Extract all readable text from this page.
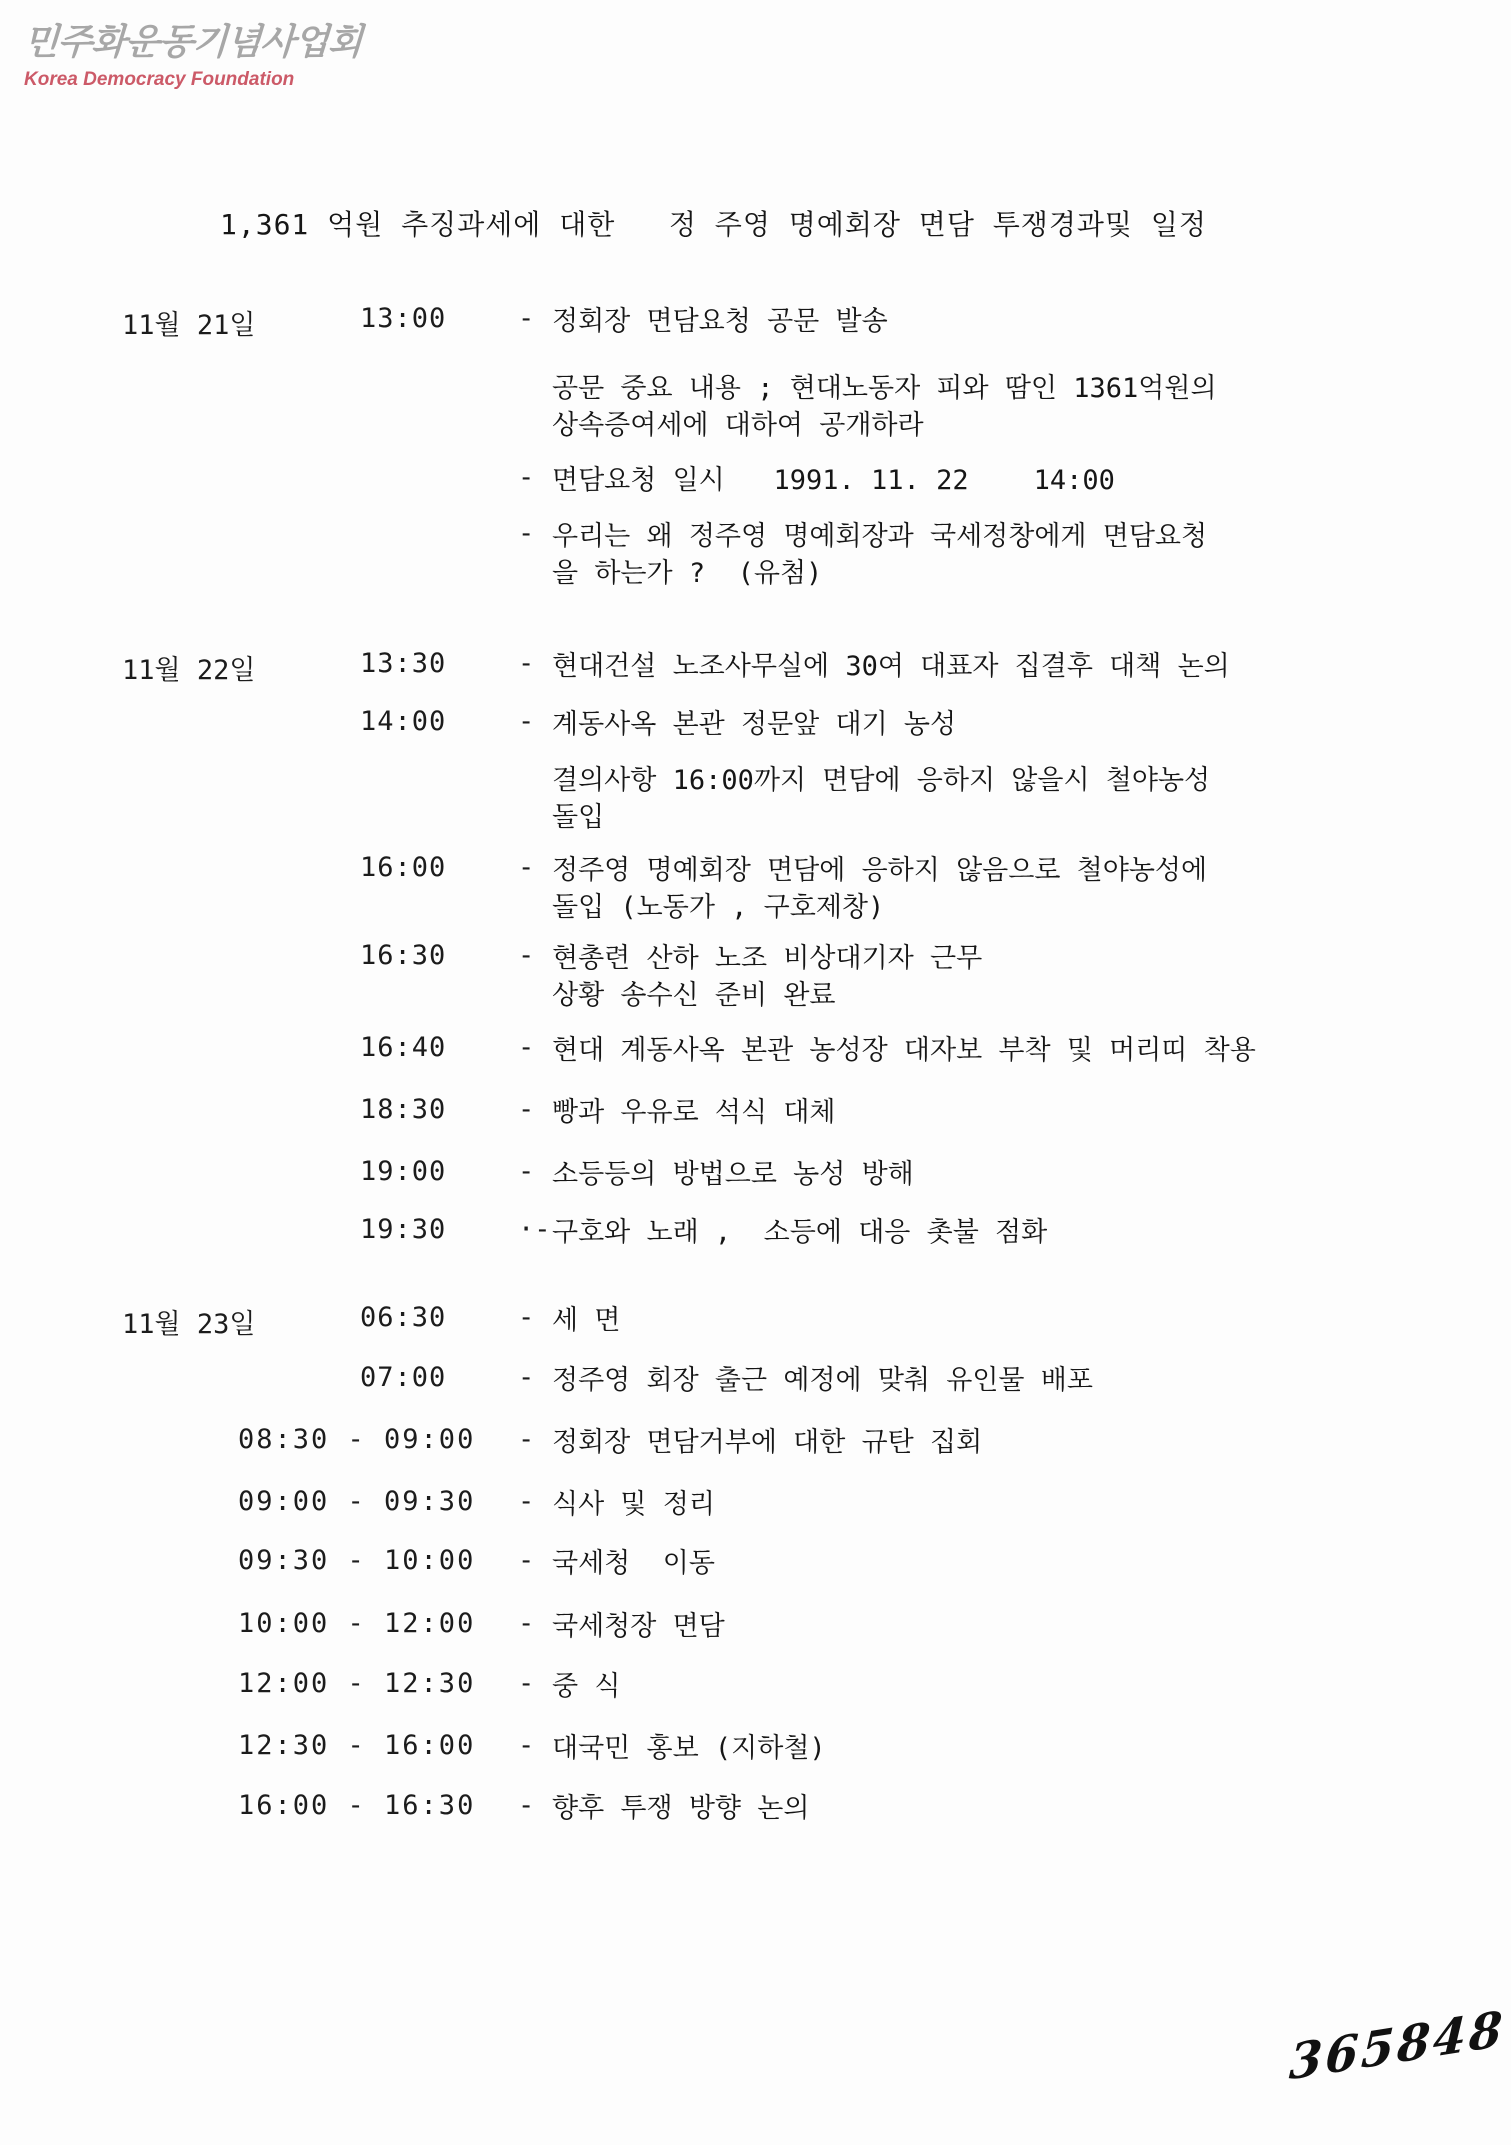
민주화운동기념사업회
Korea Democracy Foundation
1,361 억원 추징과세에 대한   정 주영 명예회장 면담 투쟁경과및 일정
11월 21일	13:00	- 정회장 면담요청 공문 발송
공문 중요 내용 ; 현대노동자 피와 땀인 1361억원의
상속증여세에 대하여 공개하라
- 면담요청 일시   1991. 11. 22    14:00
- 우리는 왜 정주영 명예회장과 국세정창에게 면담요청
을 하는가 ?  (유첨)
11월 22일	13:30	- 현대건설 노조사무실에 30여 대표자 집결후 대책 논의
14:00	- 계동사옥 본관 정문앞 대기 농성
결의사항 16:00까지 면담에 응하지 않을시 철야농성
돌입
16:00	- 정주영 명예회장 면담에 응하지 않음으로 철야농성에
돌입 (노동가 , 구호제창)
16:30	- 현총련 산하 노조 비상대기자 근무
상황 송수신 준비 완료
16:40	- 현대 계동사옥 본관 농성장 대자보 부착 및 머리띠 착용
18:30	- 빵과 우유로 석식 대체
19:00	- 소등등의 방법으로 농성 방해
19:30	·- 구호와 노래 ,  소등에 대응 촛불 점화
11월 23일	06:30	- 세 면
07:00	- 정주영 회장 출근 예정에 맞춰 유인물 배포
08:30 - 09:00 - 정회장 면담거부에 대한 규탄 집회
09:00 - 09:30 - 식사 및 정리
09:30 - 10:00 - 국세청  이동
10:00 - 12:00 - 국세청장 면담
12:00 - 12:30 - 중 식
12:30 - 16:00 - 대국민 홍보 (지하철)
16:00 - 16:30 - 향후 투쟁 방향 논의
365848
